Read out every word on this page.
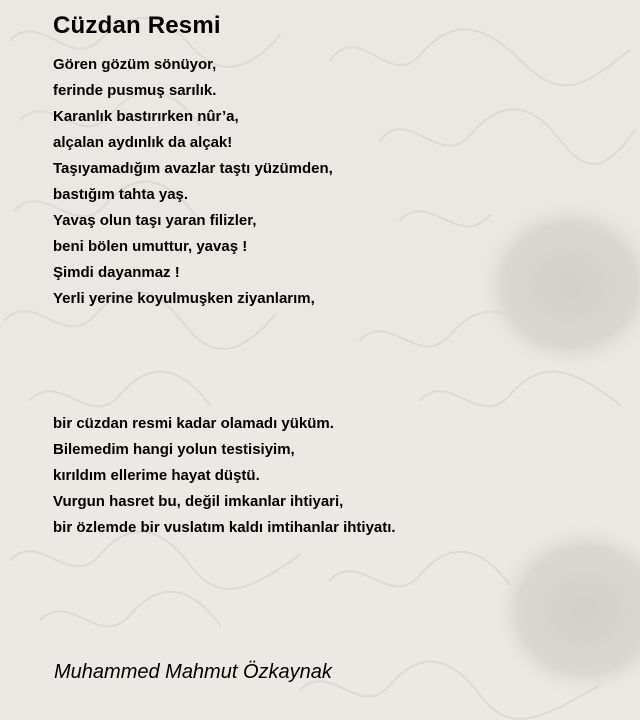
Cüzdan Resmi
Gören gözüm sönüyor,
ferinde pusmuş sarılık.
Karanlık bastırırken nûr’a,
alçalan aydınlık da alçak!
Taşıyamadığım avazlar taştı yüzümden,
bastığım tahta yaş.
Yavaş olun taşı yaran filizler,
beni bölen umuttur, yavaş !
Şimdi dayanmaz !
Yerli yerine koyulmuşken ziyanlarım,
bir cüzdan resmi kadar olamadı yüküm.
Bilemedim hangi yolun testisiyim,
kırıldım ellerime hayat düştü.
Vurgun hasret bu, değil imkanlar ihtiyari,
bir özlemde bir vuslatım kaldı imtihanlar ihtiyatı.
Muhammed Mahmut Özkaynak
